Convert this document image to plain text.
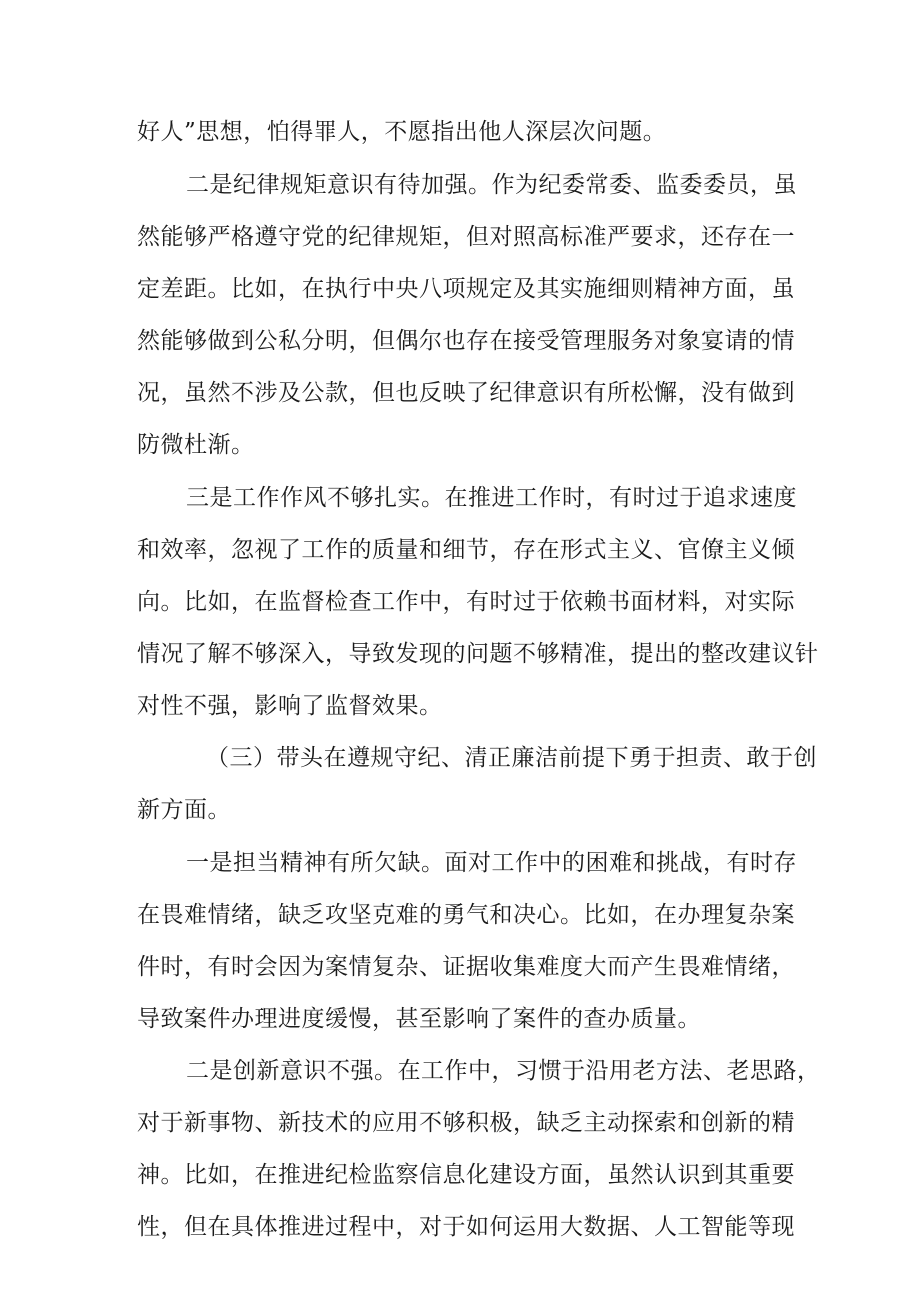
好人”思想，怕得罪人，不愿指出他人深层次问题。

二是纪律规矩意识有待加强。作为纪委常委、监委委员，虽

然能够严格遵守党的纪律规矩，但对照高标准严要求，还存在一

定差距。比如，在执行中央八项规定及其实施细则精神方面，虽

然能够做到公私分明，但偶尔也存在接受管理服务对象宴请的情

况，虽然不涉及公款，但也反映了纪律意识有所松懈，没有做到

防微杜渐。

三是工作作风不够扎实。在推进工作时，有时过于追求速度

和效率，忽视了工作的质量和细节，存在形式主义、官僚主义倾

向。比如，在监督检查工作中，有时过于依赖书面材料，对实际

情况了解不够深入，导致发现的问题不够精准，提出的整改建议针

对性不强，影响了监督效果。

（三）带头在遵规守纪、清正廉洁前提下勇于担责、敢于创

新方面。

一是担当精神有所欠缺。面对工作中的困难和挑战，有时存

在畏难情绪，缺乏攻坚克难的勇气和决心。比如，在办理复杂案

件时，有时会因为案情复杂、证据收集难度大而产生畏难情绪，

导致案件办理进度缓慢，甚至影响了案件的查办质量。

二是创新意识不强。在工作中，习惯于沿用老方法、老思路，

对于新事物、新技术的应用不够积极，缺乏主动探索和创新的精

神。比如，在推进纪检监察信息化建设方面，虽然认识到其重要

性，但在具体推进过程中，对于如何运用大数据、人工智能等现
